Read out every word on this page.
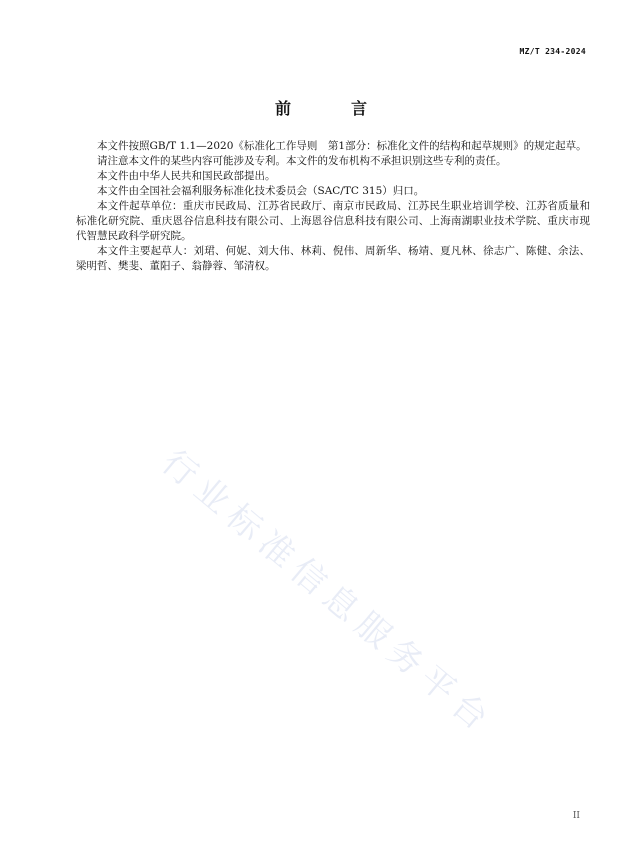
MZ/T 234-2024
前　言

本文件按照GB/T 1.1—2020《标准化工作导则　第1部分：标准化文件的结构和起草规则》的规定起草。

请注意本文件的某些内容可能涉及专利。本文件的发布机构不承担识别这些专利的责任。

本文件由中华人民共和国民政部提出。

本文件由全国社会福利服务标准化技术委员会（SAC/TC 315）归口。

本文件起草单位：重庆市民政局、江苏省民政厅、南京市民政局、江苏民生职业培训学校、江苏省质量和标准化研究院、重庆恩谷信息科技有限公司、上海恩谷信息科技有限公司、上海南湖职业技术学院、重庆市现代智慧民政科学研究院。

本文件主要起草人：刘珺、何妮、刘大伟、林莉、倪伟、周新华、杨靖、夏凡林、徐志广、陈健、余法、梁明哲、樊斐、董阳子、翁静蓉、邹清权。

行业标准信息服务平台
II
